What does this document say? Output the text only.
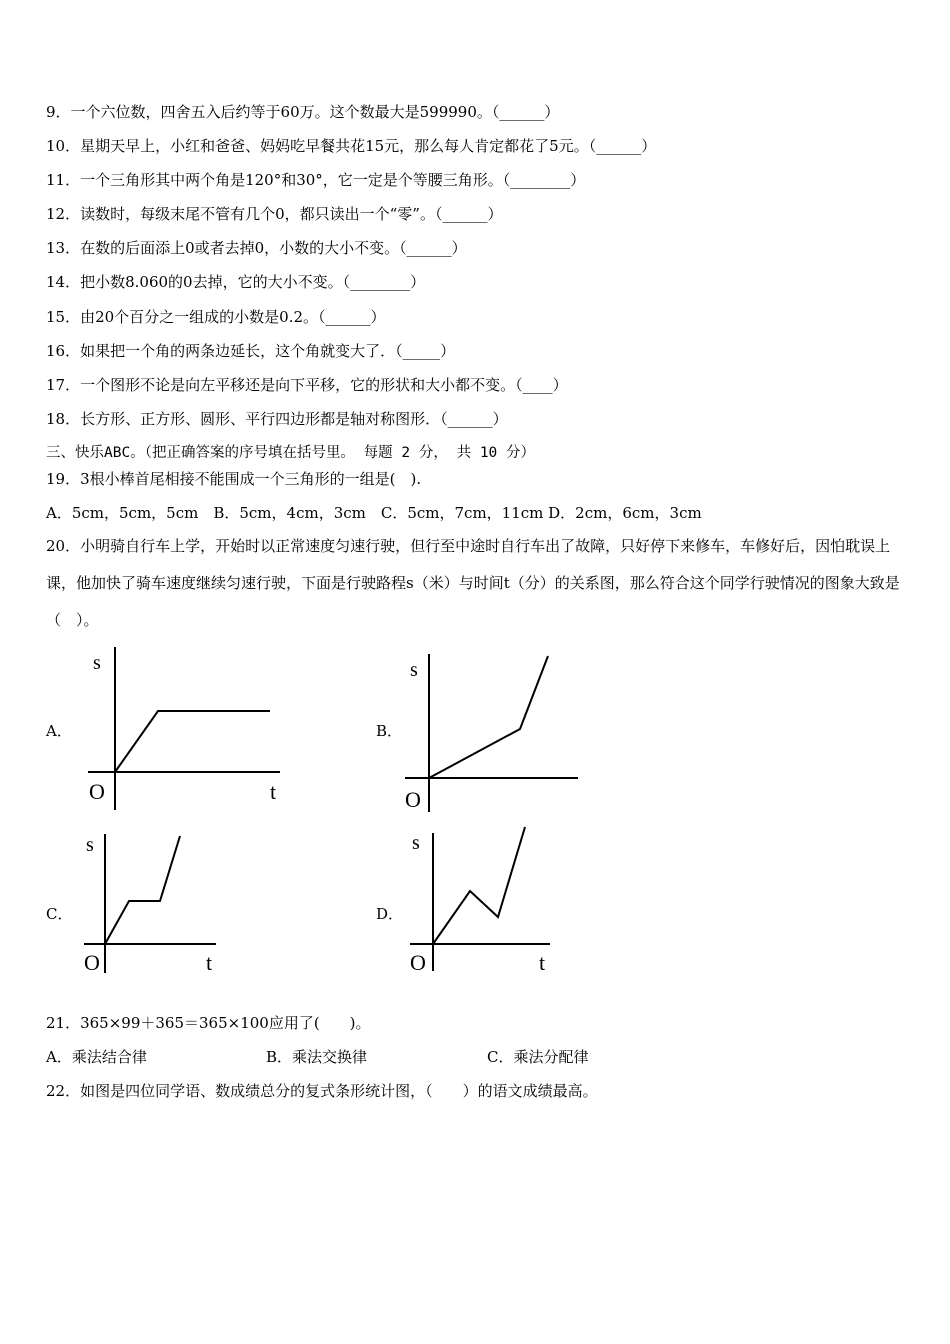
9．一个六位数，四舍五入后约等于60万。这个数最大是599990。（______）
10．星期天早上，小红和爸爸、妈妈吃早餐共花15元，那么每人肯定都花了5元。（______）
11．一个三角形其中两个角是120°和30°，它一定是个等腰三角形。（________）
12．读数时，每级末尾不管有几个0，都只读出一个“零”。（______）
13．在数的后面添上0或者去掉0，小数的大小不变。（______）
14．把小数8.060的0去掉，它的大小不变。（________）
15．由20个百分之一组成的小数是0.2。（______）
16．如果把一个角的两条边延长，这个角就变大了．（_____）
17．一个图形不论是向左平移还是向下平移，它的形状和大小都不变。（____）
18．长方形、正方形、圆形、平行四边形都是轴对称图形．（______）
三、快乐ABC。（把正确答案的序号填在括号里。 每题 2 分， 共 10 分）
19．3根小棒首尾相接不能围成一个三角形的一组是(　).
A．5cm，5cm，5cm　B．5cm，4cm，3cm　C．5cm，7cm，11cm D．2cm，6cm，3cm
20．小明骑自行车上学，开始时以正常速度匀速行驶，但行至中途时自行车出了故障，只好停下来修车，车修好后，因怕耽误上课，他加快了骑车速度继续匀速行驶，下面是行驶路程s（米）与时间t（分）的关系图，那么符合这个同学行驶情况的图象大致是（　）。
A．	B．
C．	D．
s
O	t
s
O
s
O	t
s
O	t
21．365×99＋365＝365×100应用了(　　)。
A．乘法结合律	B．乘法交换律	C．乘法分配律
22．如图是四位同学语、数成绩总分的复式条形统计图，（　　）的语文成绩最高。
